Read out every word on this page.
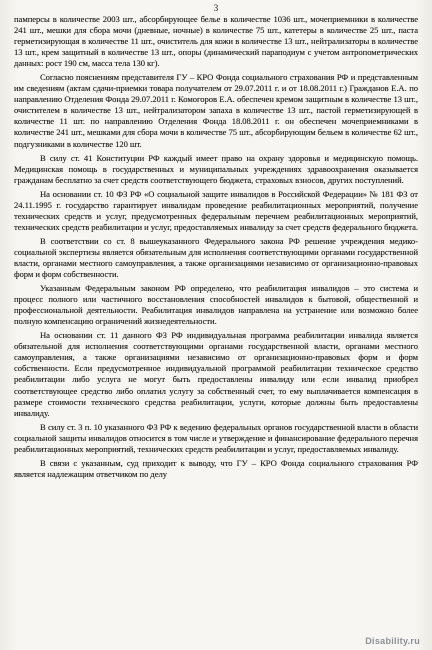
3

памперсы в количестве 2003 шт., абсорбирующее белье в количестве 1036 шт., мочеприемники в количестве 241 шт., мешки для сбора мочи (дневные, ночные) в количестве 75 шт., катетеры в количестве 25 шт., паста герметизирующая в количестве 11 шт., очиститель для кожи в количестве 13 шт., нейтрализаторы в количестве 13 шт., крем защитный в количестве 13 шт., опоры (динамический параподиум с учетом антропометрических данных: рост 190 см, масса тела 130 кг).

Согласно пояснениям представителя ГУ – КРО Фонда социального страхования РФ и представленным им сведениям (актам сдачи-приемки товара получателем от 29.07.2011 г. и от 18.08.2011 г.) Гражданов Е.А. по направлению Отделения Фонда 29.07.2011 г. Комогоров Е.А. обеспечен кремом защитным в количестве 13 шт., очистителем в количестве 13 шт., нейтрализатором запаха в количестве 13 шт., пастой герметизирующей в количестве 11 шт. по направлению Отделения Фонда 18.08.2011 г. он обеспечен мочеприемниками в количестве 241 шт., мешками для сбора мочи в количестве 75 шт., абсорбирующим бельем в количестве 62 шт., подгузниками в количестве 120 шт.

В силу ст. 41 Конституции РФ каждый имеет право на охрану здоровья и медицинскую помощь. Медицинская помощь в государственных и муниципальных учреждениях здравоохранения оказывается гражданам бесплатно за счет средств соответствующего бюджета, страховых взносов, других поступлений.

На основании ст. 10 ФЗ РФ «О социальной защите инвалидов в Российской Федерации» № 181 ФЗ от 24.11.1995 г. государство гарантирует инвалидам проведение реабилитационных мероприятий, получение технических средств и услуг, предусмотренных федеральным перечнем реабилитационных мероприятий, технических средств реабилитации и услуг, предоставляемых инвалиду за счет средств федерального бюджета.

В соответствии со ст. 8 вышеуказанного Федерального закона РФ решение учреждения медико-социальной экспертизы является обязательным для исполнения соответствующими органами государственной власти, органами местного самоуправления, а также организациями независимо от организационно-правовых форм и форм собственности.

Указанным Федеральным законом РФ определено, что реабилитация инвалидов – это система и процесс полного или частичного восстановления способностей инвалидов к бытовой, общественной и профессиональной деятельности. Реабилитация инвалидов направлена на устранение или возможно более полную компенсацию ограничений жизнедеятельности.

На основании ст. 11 данного ФЗ РФ индивидуальная программа реабилитации инвалида является обязательной для исполнения соответствующими органами государственной власти, органами местного самоуправления, а также организациями независимо от организационно-правовых форм и форм собственности. Если предусмотренное индивидуальной программой реабилитации техническое средство реабилитации либо услуга не могут быть предоставлены инвалиду или если инвалид приобрел соответствующее средство либо оплатил услугу за собственный счет, то ему выплачивается компенсация в размере стоимости технического средства реабилитации, услуги, которые должны быть предоставлены инвалиду.

В силу ст. 3 п. 10 указанного ФЗ РФ к ведению федеральных органов государственной власти в области социальной защиты инвалидов относится в том числе и утверждение и финансирование федерального перечня реабилитационных мероприятий, технических средств реабилитации и услуг, предоставляемых инвалиду.

В связи с указанным, суд приходит к выводу, что ГУ – КРО Фонда социального страхования РФ является надлежащим ответчиком по делу

Disability.ru
